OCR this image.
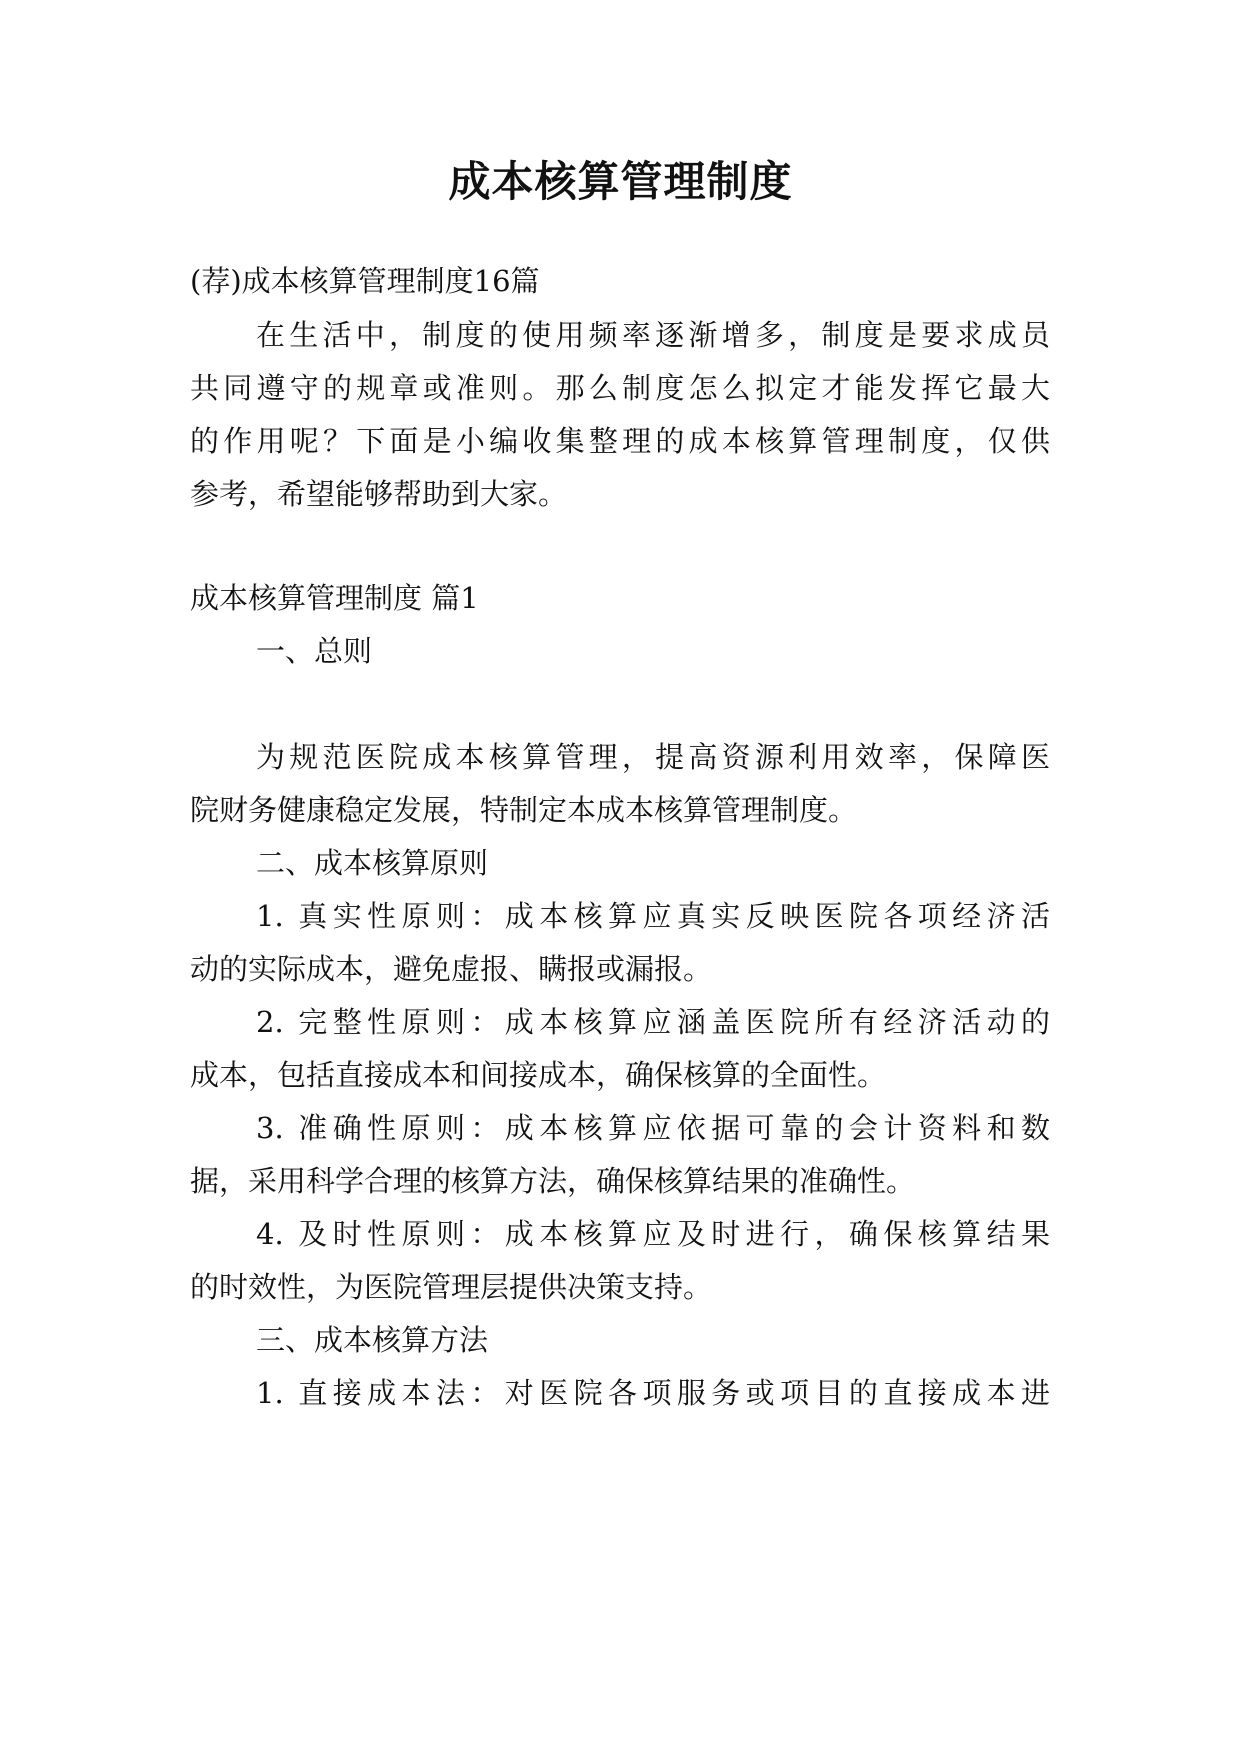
成本核算管理制度
(荐)成本核算管理制度16篇
在生活中，制度的使用频率逐渐增多，制度是要求成员
共同遵守的规章或准则。那么制度怎么拟定才能发挥它最大
的作用呢？下面是小编收集整理的成本核算管理制度，仅供
参考，希望能够帮助到大家。
成本核算管理制度 篇1
一、总则
为规范医院成本核算管理，提高资源利用效率，保障医
院财务健康稳定发展，特制定本成本核算管理制度。
二、成本核算原则
1. 真实性原则：成本核算应真实反映医院各项经济活
动的实际成本，避免虚报、瞒报或漏报。
2. 完整性原则：成本核算应涵盖医院所有经济活动的
成本，包括直接成本和间接成本，确保核算的全面性。
3. 准确性原则：成本核算应依据可靠的会计资料和数
据，采用科学合理的核算方法，确保核算结果的准确性。
4. 及时性原则：成本核算应及时进行，确保核算结果
的时效性，为医院管理层提供决策支持。
三、成本核算方法
1. 直接成本法：对医院各项服务或项目的直接成本进
